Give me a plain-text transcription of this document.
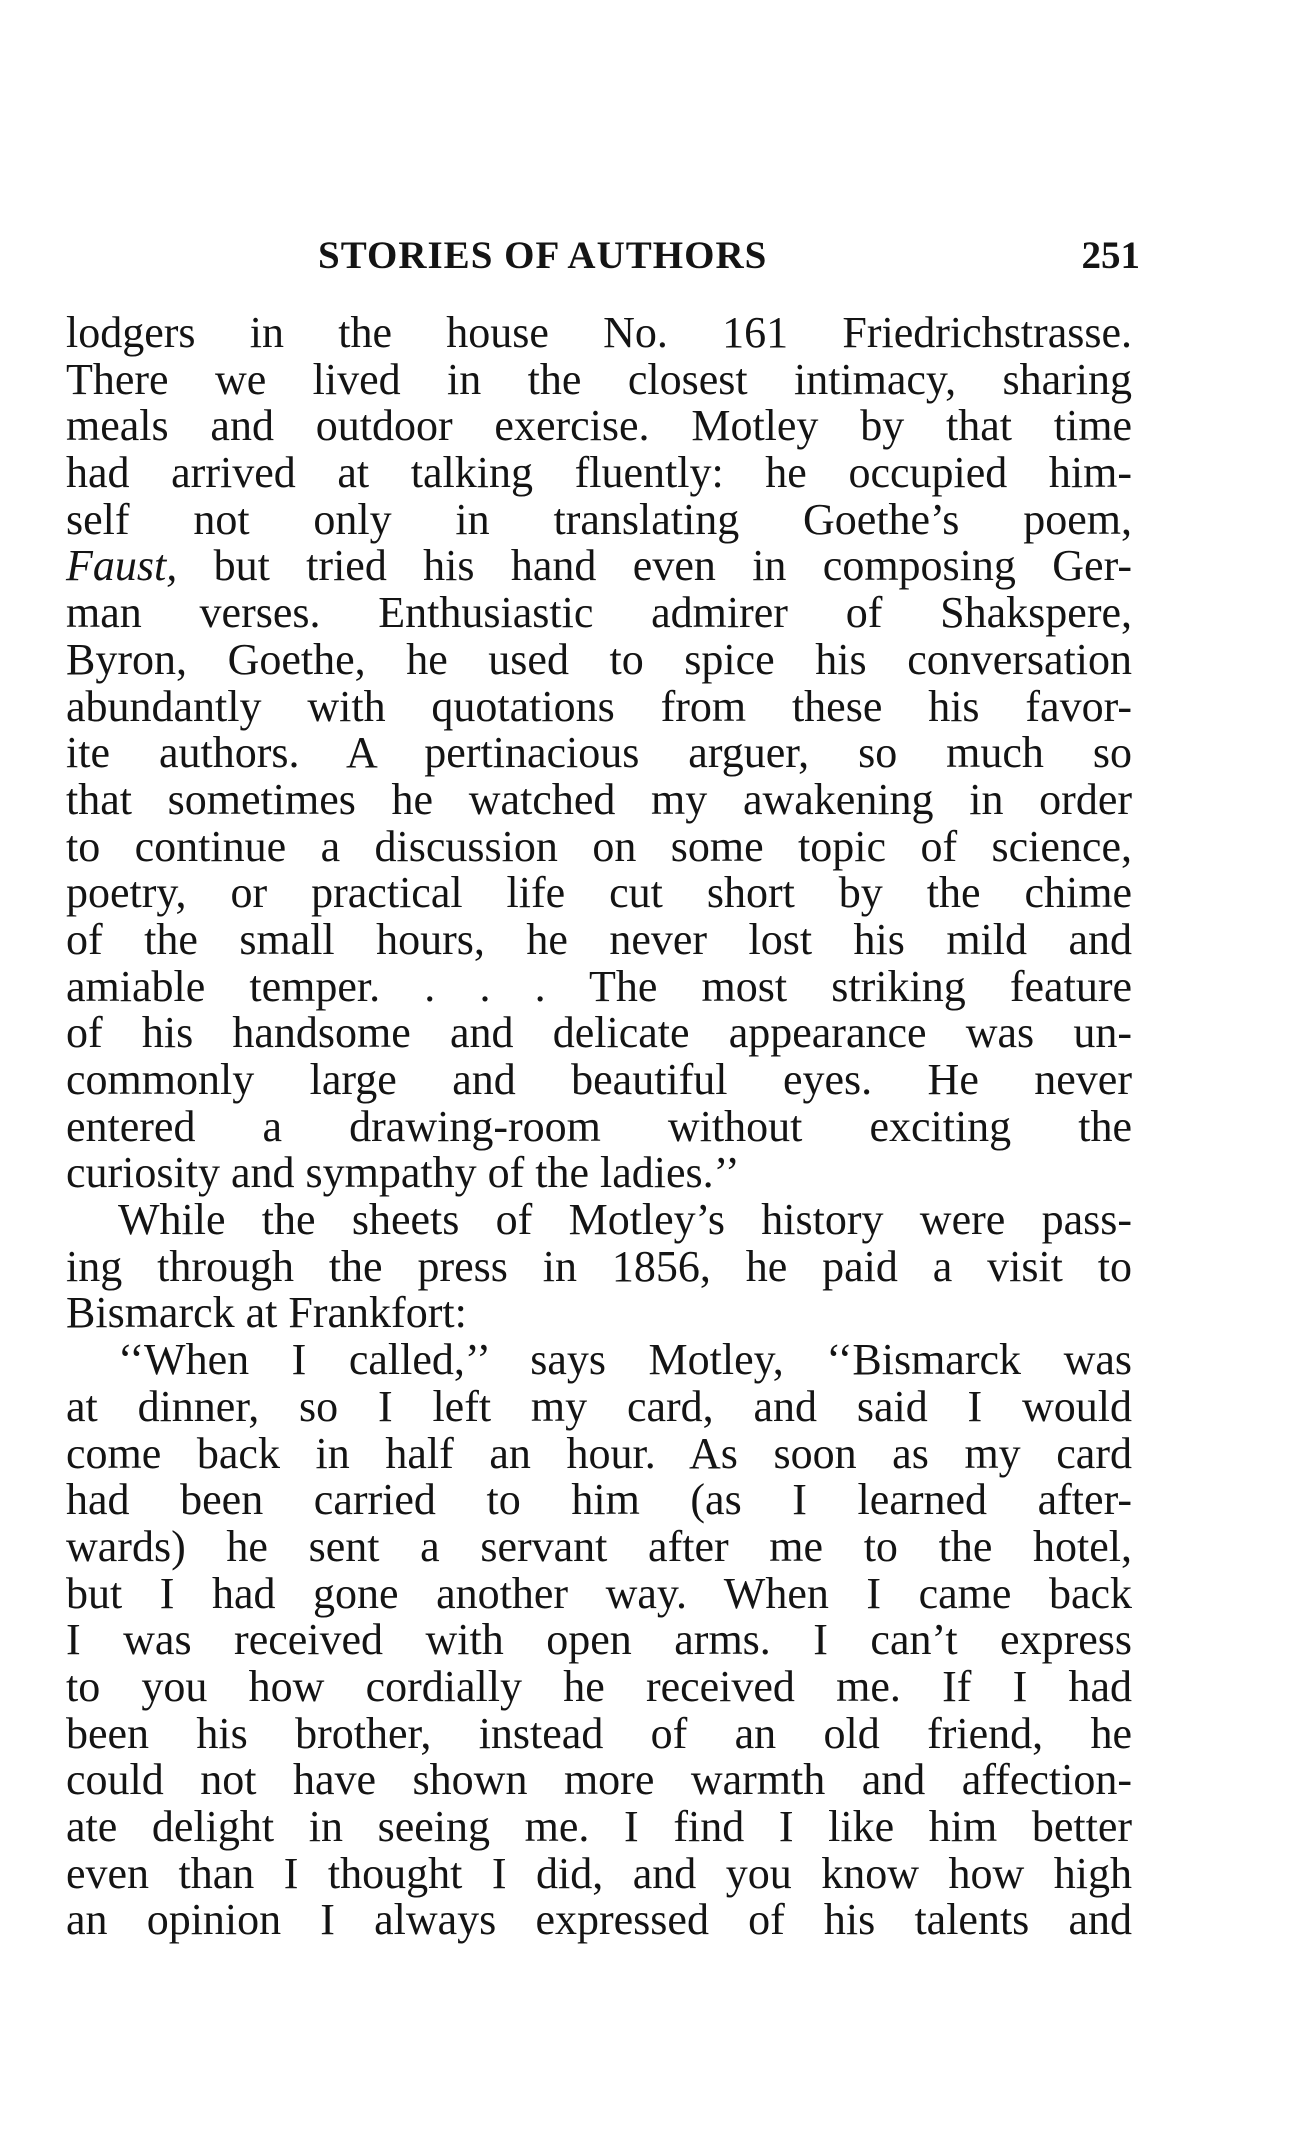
STORIES OF AUTHORS	251
lodgers in the house No. 161 Friedrichstrasse.
There we lived in the closest intimacy, sharing
meals and outdoor exercise. Motley by that time
had arrived at talking fluently: he occupied him-
self not only in translating Goethe’s poem,
Faust, but tried his hand even in composing Ger-
man verses. Enthusiastic admirer of Shakspere,
Byron, Goethe, he used to spice his conversation
abundantly with quotations from these his favor-
ite authors. A pertinacious arguer, so much so
that sometimes he watched my awakening in order
to continue a discussion on some topic of science,
poetry, or practical life cut short by the chime
of the small hours, he never lost his mild and
amiable temper. . . . The most striking feature
of his handsome and delicate appearance was un-
commonly large and beautiful eyes. He never
entered a drawing-room without exciting the
curiosity and sympathy of the ladies.’’
While the sheets of Motley’s history were pass-
ing through the press in 1856, he paid a visit to
Bismarck at Frankfort:
‘‘When I called,’’ says Motley, ‘‘Bismarck was
at dinner, so I left my card, and said I would
come back in half an hour. As soon as my card
had been carried to him (as I learned after-
wards) he sent a servant after me to the hotel,
but I had gone another way. When I came back
I was received with open arms. I can’t express
to you how cordially he received me. If I had
been his brother, instead of an old friend, he
could not have shown more warmth and affection-
ate delight in seeing me. I find I like him better
even than I thought I did, and you know how high
an opinion I always expressed of his talents and
